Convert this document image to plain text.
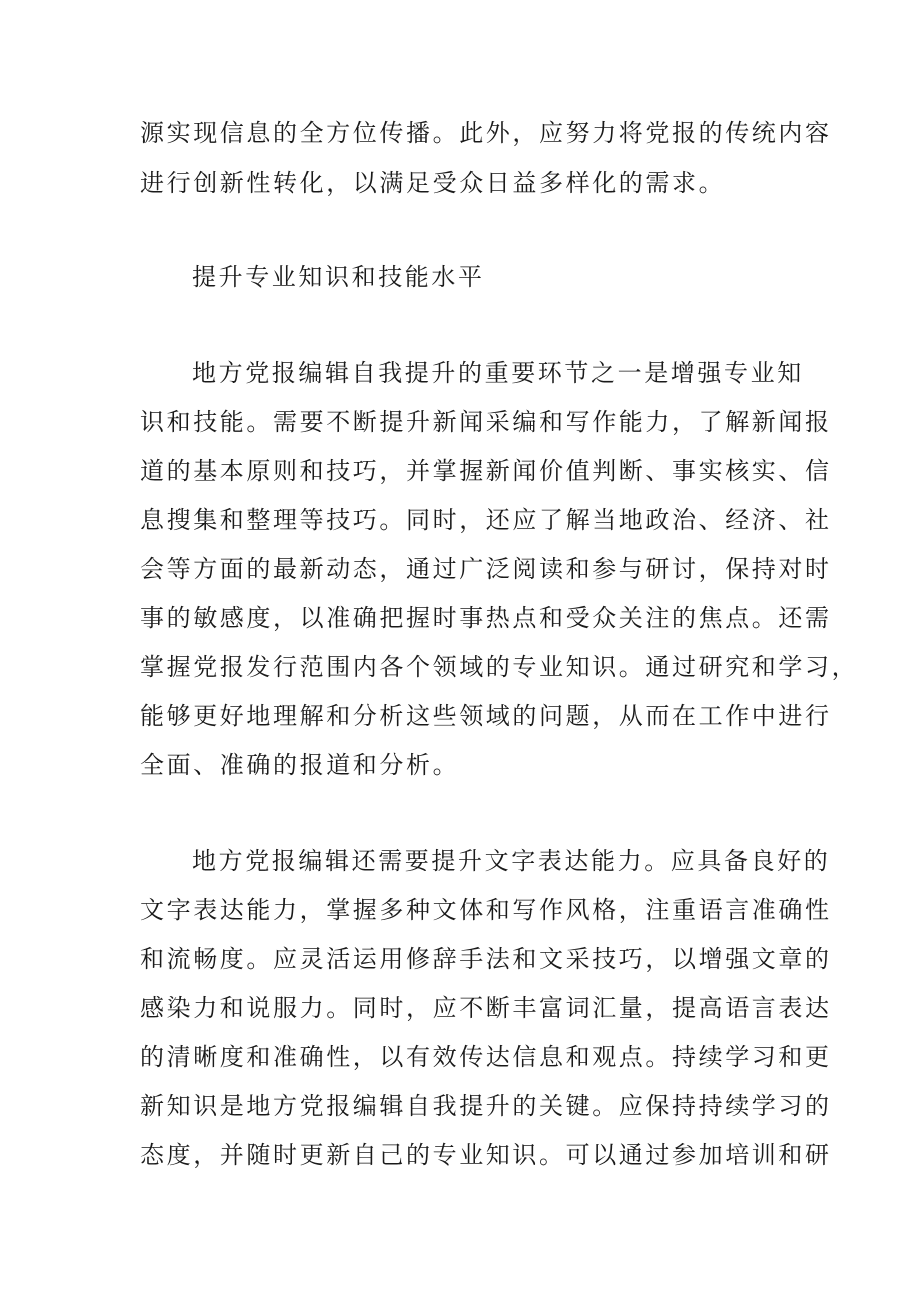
源实现信息的全方位传播。此外，应努力将党报的传统内容
进行创新性转化，以满足受众日益多样化的需求。
提升专业知识和技能水平
地方党报编辑自我提升的重要环节之一是增强专业知
识和技能。需要不断提升新闻采编和写作能力，了解新闻报
道的基本原则和技巧，并掌握新闻价值判断、事实核实、信
息搜集和整理等技巧。同时，还应了解当地政治、经济、社
会等方面的最新动态，通过广泛阅读和参与研讨，保持对时
事的敏感度，以准确把握时事热点和受众关注的焦点。还需
掌握党报发行范围内各个领域的专业知识。通过研究和学习，
能够更好地理解和分析这些领域的问题，从而在工作中进行
全面、准确的报道和分析。
地方党报编辑还需要提升文字表达能力。应具备良好的
文字表达能力，掌握多种文体和写作风格，注重语言准确性
和流畅度。应灵活运用修辞手法和文采技巧，以增强文章的
感染力和说服力。同时，应不断丰富词汇量，提高语言表达
的清晰度和准确性，以有效传达信息和观点。持续学习和更
新知识是地方党报编辑自我提升的关键。应保持持续学习的
态度，并随时更新自己的专业知识。可以通过参加培训和研
